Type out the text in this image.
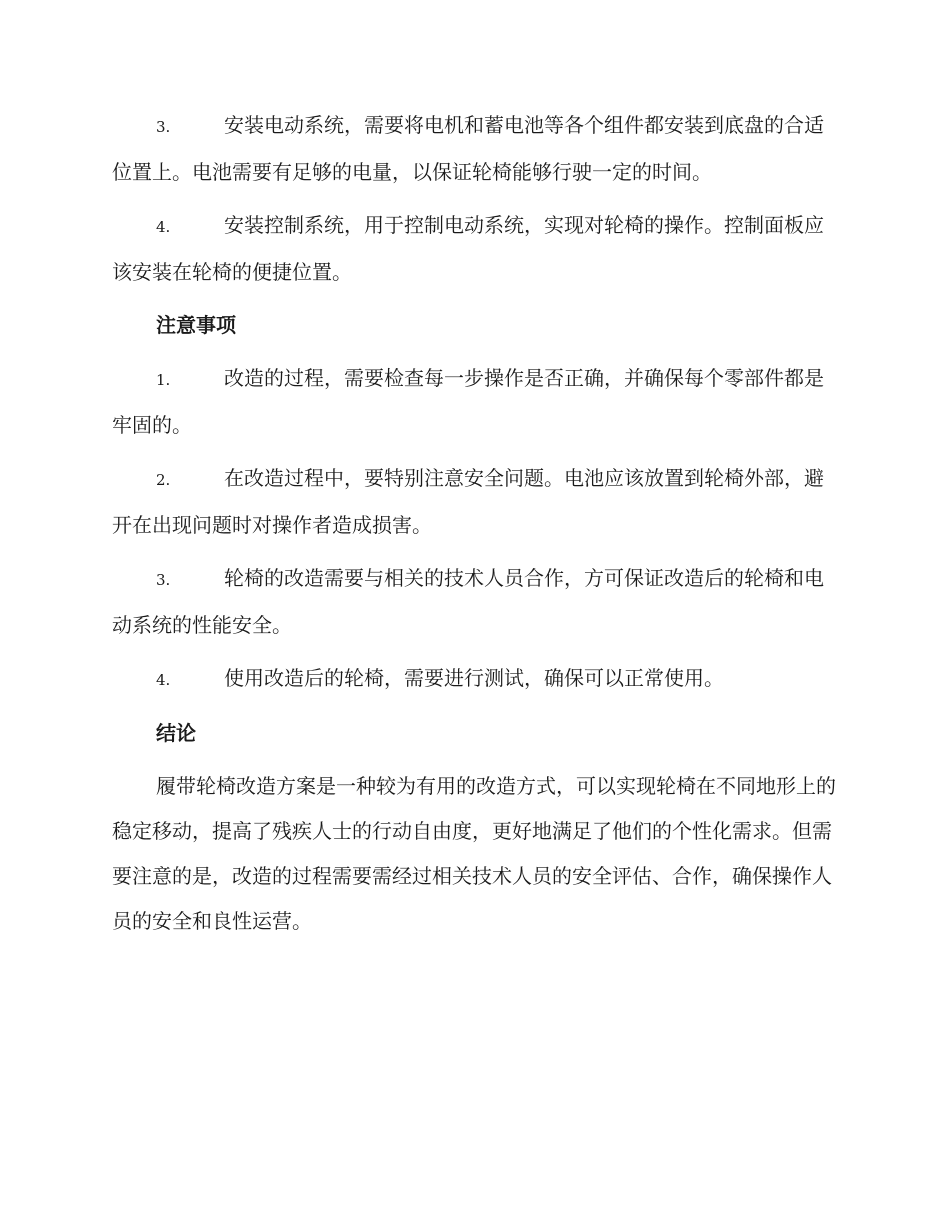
3.	安装电动系统，需要将电机和蓄电池等各个组件都安装到底盘的合适位置上。电池需要有足够的电量，以保证轮椅能够行驶一定的时间。

4.	安装控制系统，用于控制电动系统，实现对轮椅的操作。控制面板应该安装在轮椅的便捷位置。

注意事项

1.	改造的过程，需要检查每一步操作是否正确，并确保每个零部件都是牢固的。

2.	在改造过程中，要特别注意安全问题。电池应该放置到轮椅外部，避开在出现问题时对操作者造成损害。

3.	轮椅的改造需要与相关的技术人员合作，方可保证改造后的轮椅和电动系统的性能安全。

4.	使用改造后的轮椅，需要进行测试，确保可以正常使用。

结论

履带轮椅改造方案是一种较为有用的改造方式，可以实现轮椅在不同地形上的稳定移动，提高了残疾人士的行动自由度，更好地满足了他们的个性化需求。但需要注意的是，改造的过程需要需经过相关技术人员的安全评估、合作，确保操作人员的安全和良性运营。
